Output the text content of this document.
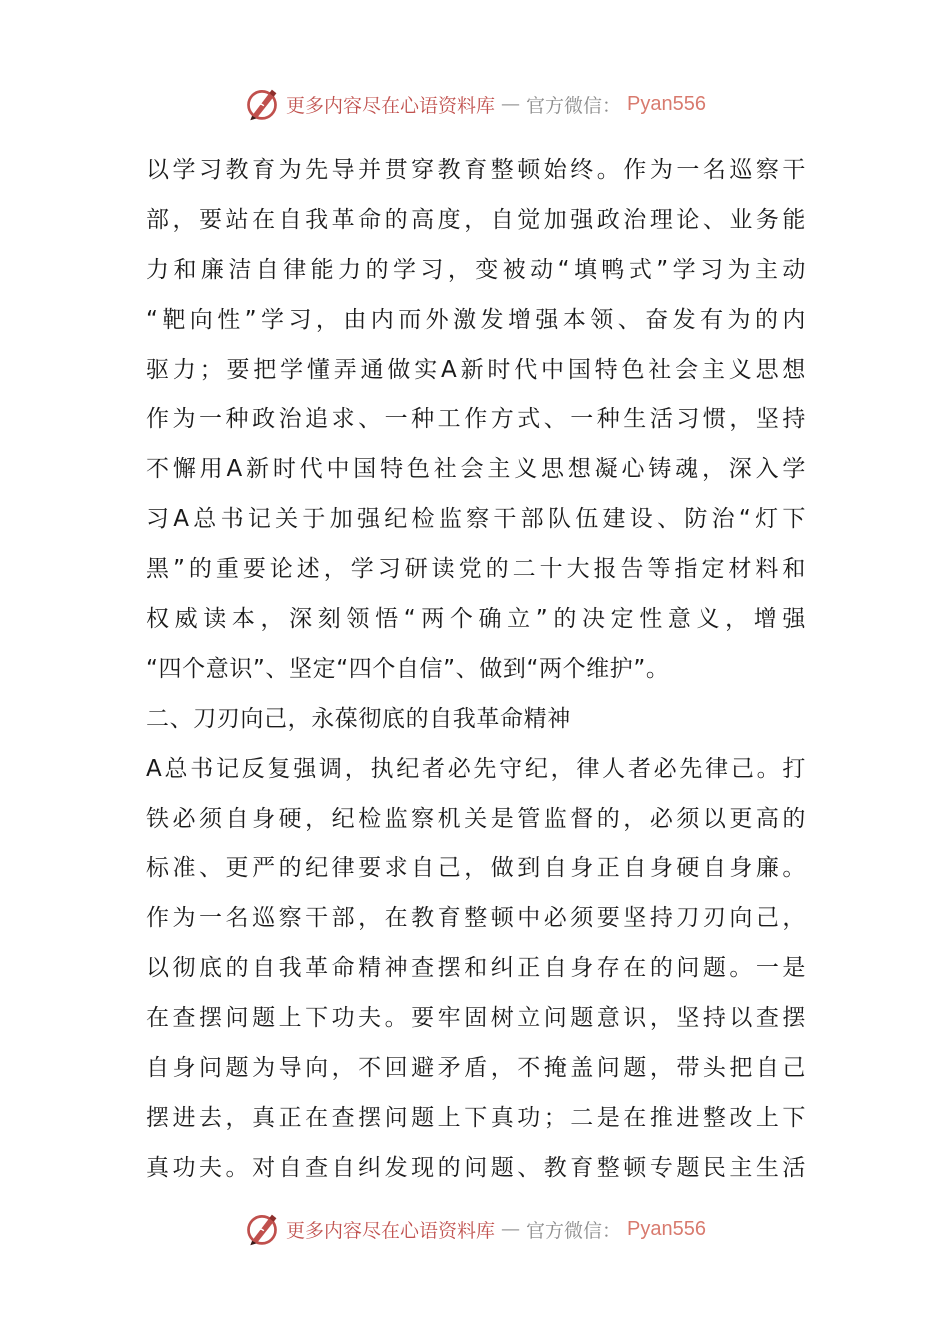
更多内容尽在心语资料库 — 官方微信： Pyan556
以学习教育为先导并贯穿教育整顿始终。作为一名巡察干
部，要站在自我革命的高度，自觉加强政治理论、业务能
力和廉洁自律能力的学习，变被动“填鸭式”学习为主动
“靶向性”学习，由内而外激发增强本领、奋发有为的内
驱力；要把学懂弄通做实A新时代中国特色社会主义思想
作为一种政治追求、一种工作方式、一种生活习惯，坚持
不懈用A新时代中国特色社会主义思想凝心铸魂，深入学
习A总书记关于加强纪检监察干部队伍建设、防治“灯下
黑”的重要论述，学习研读党的二十大报告等指定材料和
权威读本，深刻领悟“两个确立”的决定性意义，增强
“四个意识”、坚定“四个自信”、做到“两个维护”。
二、刀刃向己，永葆彻底的自我革命精神
A总书记反复强调，执纪者必先守纪，律人者必先律己。打
铁必须自身硬，纪检监察机关是管监督的，必须以更高的
标准、更严的纪律要求自己，做到自身正自身硬自身廉。
作为一名巡察干部，在教育整顿中必须要坚持刀刃向己，
以彻底的自我革命精神查摆和纠正自身存在的问题。一是
在查摆问题上下功夫。要牢固树立问题意识，坚持以查摆
自身问题为导向，不回避矛盾，不掩盖问题，带头把自己
摆进去，真正在查摆问题上下真功；二是在推进整改上下
真功夫。对自查自纠发现的问题、教育整顿专题民主生活
更多内容尽在心语资料库 — 官方微信： Pyan556
